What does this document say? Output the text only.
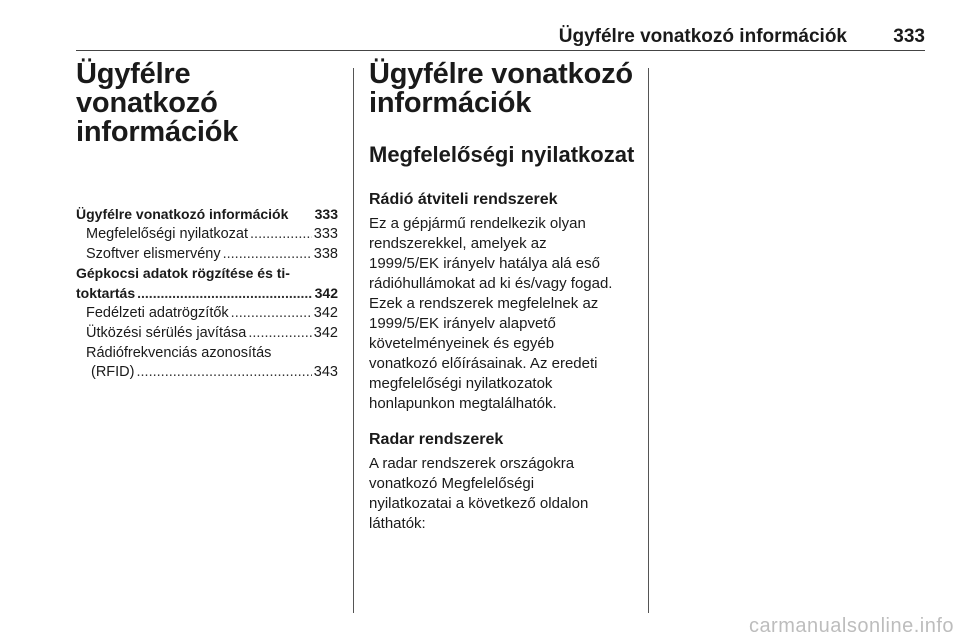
Ügyfélre vonatkozó információk 333
Ügyfélre vonatkozó
információk
Ügyfélre vonatkozó információk 333
Megfelelőségi nyilatkozat .....	333
Szoftver elismervény .....	338
Gépkocsi adatok rögzítése és ti-
toktartás .....	342
Fedélzeti adatrögzítők .....	342
Ütközési sérülés javítása .....	342
Rádiófrekvenciás azonosítás
(RFID) .....	343
Ügyfélre vonatkozó
információk
Megfelelőségi nyilatkozat
Rádió átviteli rendszerek
Ez a gépjármű rendelkezik olyan
rendszerekkel, amelyek az
1999/5/EK irányelv hatálya alá eső
rádióhullámokat ad ki és/vagy fogad.
Ezek a rendszerek megfelelnek az
1999/5/EK irányelv alapvető
követelményeinek és egyéb
vonatkozó előírásainak. Az eredeti
megfelelőségi nyilatkozatok
honlapunkon megtalálhatók.
Radar rendszerek
A radar rendszerek országokra
vonatkozó Megfelelőségi
nyilatkozatai a következő oldalon
láthatók:
carmanualsonline.info
